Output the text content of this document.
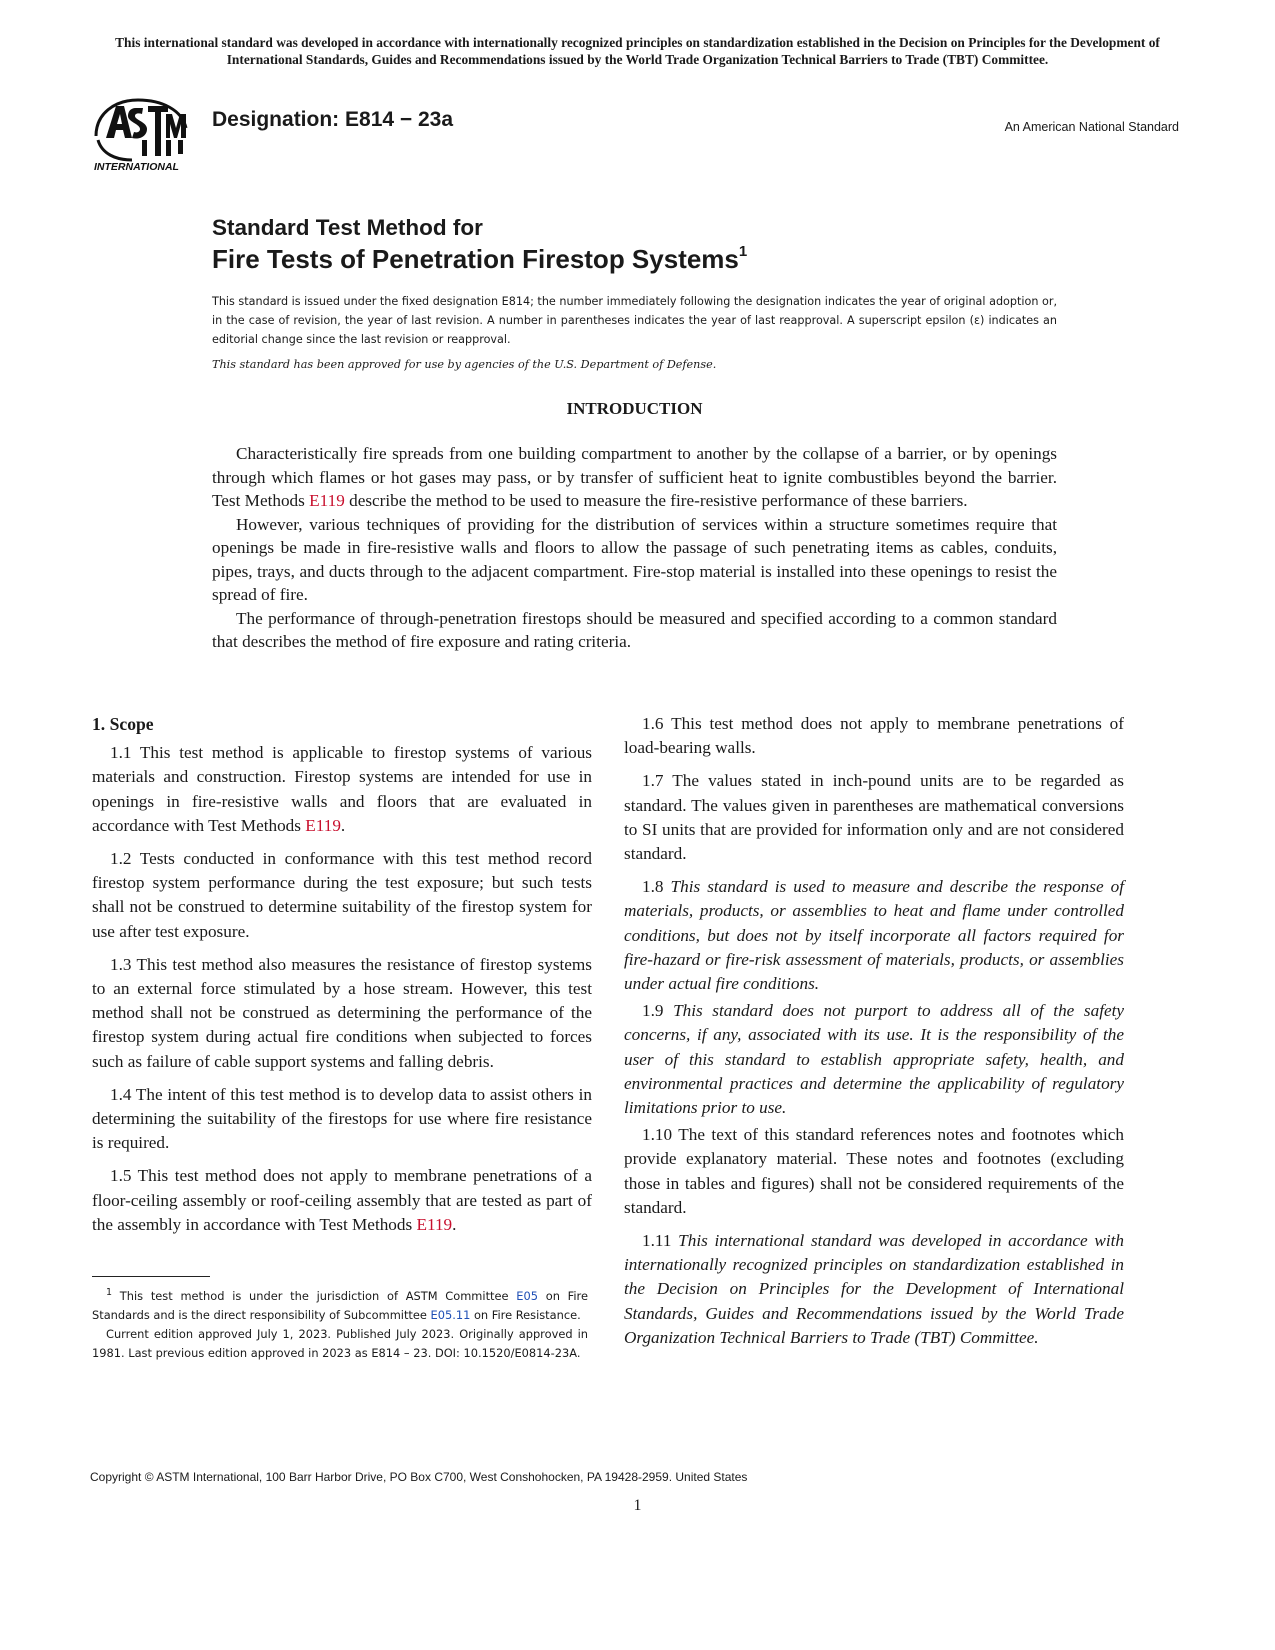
This international standard was developed in accordance with internationally recognized principles on standardization established in the Decision on Principles for the Development of International Standards, Guides and Recommendations issued by the World Trade Organization Technical Barriers to Trade (TBT) Committee.
INTERNATIONAL
Designation: E814 − 23a	An American National Standard
Standard Test Method for
Fire Tests of Penetration Firestop Systems$^1$
This standard is issued under the fixed designation E814; the number immediately following the designation indicates the year of original adoption or, in the case of revision, the year of last revision. A number in parentheses indicates the year of last reapproval. A superscript epsilon (ε) indicates an editorial change since the last revision or reapproval.
This standard has been approved for use by agencies of the U.S. Department of Defense.
INTRODUCTION

Characteristically fire spreads from one building compartment to another by the collapse of a barrier, or by openings through which flames or hot gases may pass, or by transfer of sufficient heat to ignite combustibles beyond the barrier. Test Methods E119 describe the method to be used to measure the fire-resistive performance of these barriers.

However, various techniques of providing for the distribution of services within a structure sometimes require that openings be made in fire-resistive walls and floors to allow the passage of such penetrating items as cables, conduits, pipes, trays, and ducts through to the adjacent compartment. Fire-stop material is installed into these openings to resist the spread of fire.

The performance of through-penetration firestops should be measured and specified according to a common standard that describes the method of fire exposure and rating criteria.

1. Scope

1.1 This test method is applicable to firestop systems of various materials and construction. Firestop systems are intended for use in openings in fire-resistive walls and floors that are evaluated in accordance with Test Methods E119.

1.2 Tests conducted in conformance with this test method record firestop system performance during the test exposure; but such tests shall not be construed to determine suitability of the firestop system for use after test exposure.

1.3 This test method also measures the resistance of firestop systems to an external force stimulated by a hose stream. However, this test method shall not be construed as determining the performance of the firestop system during actual fire conditions when subjected to forces such as failure of cable support systems and falling debris.

1.4 The intent of this test method is to develop data to assist others in determining the suitability of the firestops for use where fire resistance is required.

1.5 This test method does not apply to membrane penetrations of a floor-ceiling assembly or roof-ceiling assembly that are tested as part of the assembly in accordance with Test Methods E119.

1.6 This test method does not apply to membrane penetrations of load-bearing walls.

1.7 The values stated in inch-pound units are to be regarded as standard. The values given in parentheses are mathematical conversions to SI units that are provided for information only and are not considered standard.

1.8 This standard is used to measure and describe the response of materials, products, or assemblies to heat and flame under controlled conditions, but does not by itself incorporate all factors required for fire-hazard or fire-risk assessment of materials, products, or assemblies under actual fire conditions.

1.9 This standard does not purport to address all of the safety concerns, if any, associated with its use. It is the responsibility of the user of this standard to establish appropriate safety, health, and environmental practices and determine the applicability of regulatory limitations prior to use.

1.10 The text of this standard references notes and footnotes which provide explanatory material. These notes and footnotes (excluding those in tables and figures) shall not be considered requirements of the standard.

1.11 This international standard was developed in accordance with internationally recognized principles on standardization established in the Decision on Principles for the Development of International Standards, Guides and Recommendations issued by the World Trade Organization Technical Barriers to Trade (TBT) Committee.

$^1$ This test method is under the jurisdiction of ASTM Committee E05 on Fire Standards and is the direct responsibility of Subcommittee E05.11 on Fire Resistance.

Current edition approved July 1, 2023. Published July 2023. Originally approved in 1981. Last previous edition approved in 2023 as E814 – 23. DOI: 10.1520/E0814-23A.

Copyright © ASTM International, 100 Barr Harbor Drive, PO Box C700, West Conshohocken, PA 19428-2959. United States
1
